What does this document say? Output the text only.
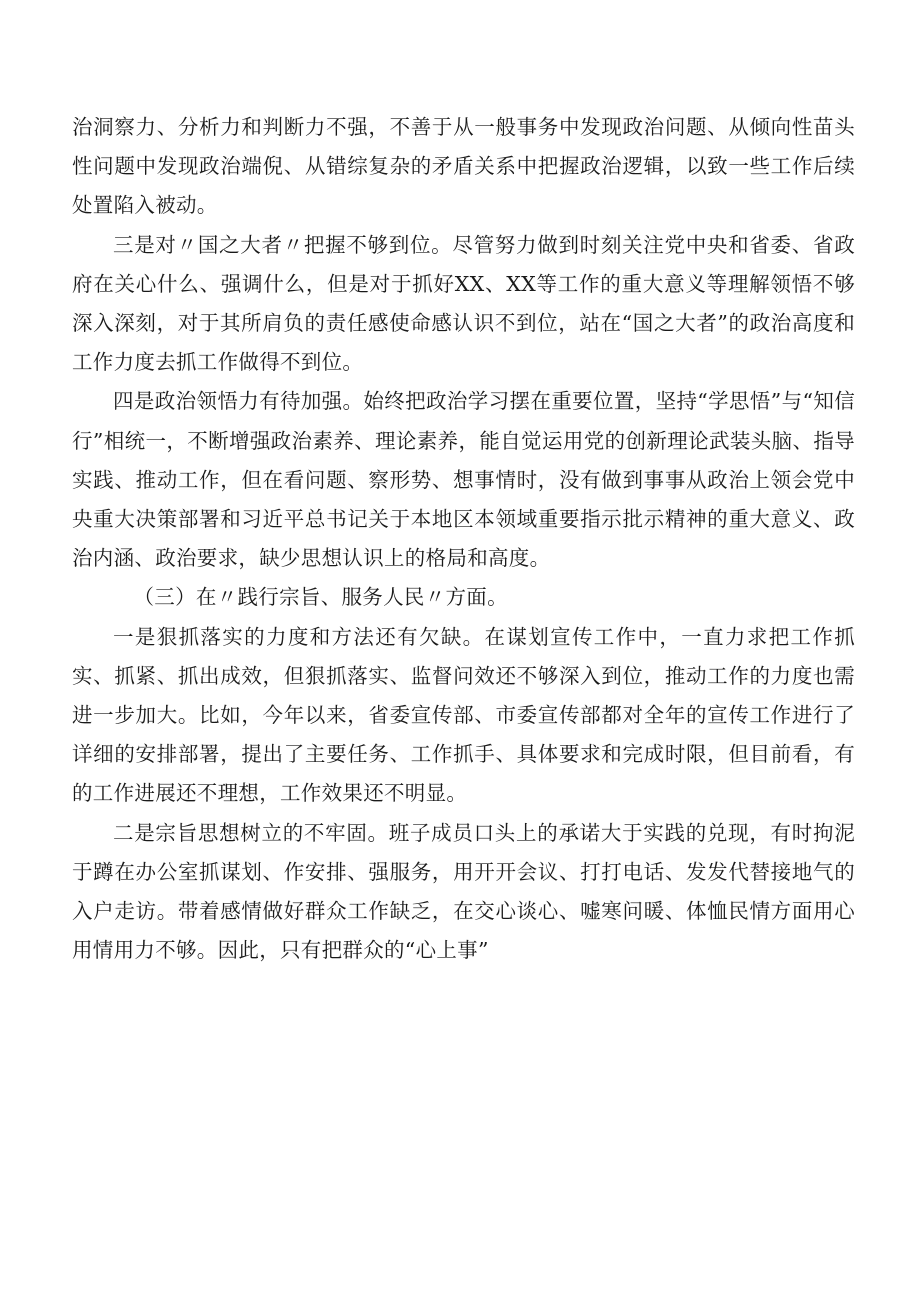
治洞察力、分析力和判断力不强，不善于从一般事务中发现政治问题、从倾向性苗头性问题中发现政治端倪、从错综复杂的矛盾关系中把握政治逻辑，以致一些工作后续处置陷入被动。

三是对〃国之大者〃把握不够到位。尽管努力做到时刻关注党中央和省委、省政府在关心什么、强调什么，但是对于抓好XX、XX等工作的重大意义等理解领悟不够深入深刻，对于其所肩负的责任感使命感认识不到位，站在“国之大者”的政治高度和工作力度去抓工作做得不到位。

四是政治领悟力有待加强。始终把政治学习摆在重要位置，坚持“学思悟”与“知信行”相统一，不断增强政治素养、理论素养，能自觉运用党的创新理论武装头脑、指导实践、推动工作，但在看问题、察形势、想事情时，没有做到事事从政治上领会党中央重大决策部署和习近平总书记关于本地区本领域重要指示批示精神的重大意义、政治内涵、政治要求，缺少思想认识上的格局和高度。

（三）在〃践行宗旨、服务人民〃方面。

一是狠抓落实的力度和方法还有欠缺。在谋划宣传工作中，一直力求把工作抓实、抓紧、抓出成效，但狠抓落实、监督问效还不够深入到位，推动工作的力度也需进一步加大。比如，今年以来，省委宣传部、市委宣传部都对全年的宣传工作进行了详细的安排部署，提出了主要任务、工作抓手、具体要求和完成时限，但目前看，有的工作进展还不理想，工作效果还不明显。

二是宗旨思想树立的不牢固。班子成员口头上的承诺大于实践的兑现，有时拘泥于蹲在办公室抓谋划、作安排、强服务，用开开会议、打打电话、发发代替接地气的入户走访。带着感情做好群众工作缺乏，在交心谈心、嘘寒问暖、体恤民情方面用心用情用力不够。因此，只有把群众的“心上事”
